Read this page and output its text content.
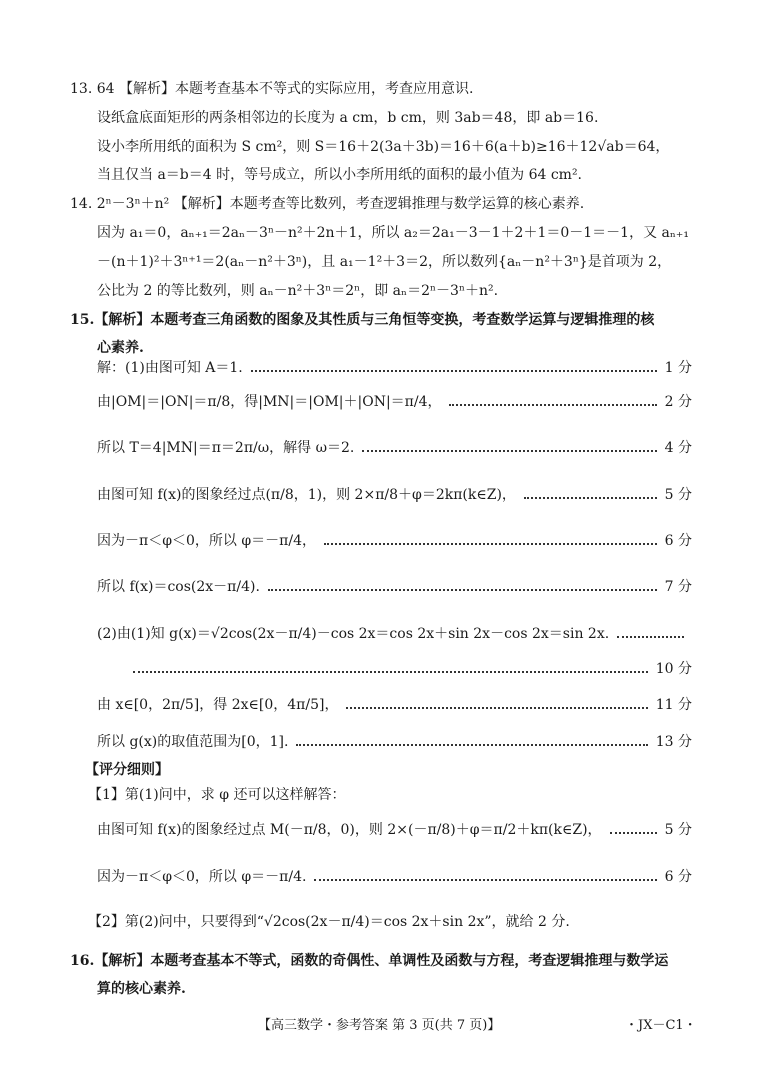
13. 64 【解析】本题考查基本不等式的实际应用，考查应用意识.
设纸盒底面矩形的两条相邻边的长度为 a cm，b cm，则 3ab＝48，即 ab＝16.
设小李所用纸的面积为 S cm²，则 S＝16＋2(3a＋3b)＝16＋6(a＋b)≥16＋12√ab＝64，
当且仅当 a＝b＝4 时，等号成立，所以小李所用纸的面积的最小值为 64 cm².
14. 2ⁿ－3ⁿ＋n² 【解析】本题考查等比数列，考查逻辑推理与数学运算的核心素养.
因为 a₁＝0，aₙ₊₁＝2aₙ－3ⁿ－n²＋2n＋1，所以 a₂＝2a₁－3－1＋2＋1＝0－1＝－1，又 aₙ₊₁
－(n＋1)²＋3ⁿ⁺¹＝2(aₙ－n²＋3ⁿ)，且 a₁－1²＋3＝2，所以数列{aₙ－n²＋3ⁿ}是首项为 2，
公比为 2 的等比数列，则 aₙ－n²＋3ⁿ＝2ⁿ，即 aₙ＝2ⁿ－3ⁿ＋n².
15.【解析】本题考查三角函数的图象及其性质与三角恒等变换，考查数学运算与逻辑推理的核
心素养.
解：(1)由图可知 A＝1.	1 分
由|OM|＝|ON|＝π/8，得|MN|＝|OM|＋|ON|＝π/4，	2 分
所以 T＝4|MN|＝π＝2π/ω，解得 ω＝2.	4 分
由图可知 f(x)的图象经过点(π/8，1)，则 2×π/8＋φ＝2kπ(k∈Z)，	5 分
因为－π＜φ＜0，所以 φ＝－π/4，	6 分
所以 f(x)＝cos(2x－π/4).	7 分
(2)由(1)知 g(x)＝√2cos(2x－π/4)－cos 2x＝cos 2x＋sin 2x－cos 2x＝sin 2x.
10 分
由 x∈[0，2π/5]，得 2x∈[0，4π/5]，	11 分
所以 g(x)的取值范围为[0，1].	13 分
【评分细则】
【1】第(1)问中，求 φ 还可以这样解答：
由图可知 f(x)的图象经过点 M(－π/8，0)，则 2×(－π/8)＋φ＝π/2＋kπ(k∈Z)，	5 分
因为－π＜φ＜0，所以 φ＝－π/4.	6 分
【2】第(2)问中，只要得到“√2cos(2x－π/4)＝cos 2x＋sin 2x”，就给 2 分.
16.【解析】本题考查基本不等式，函数的奇偶性、单调性及函数与方程，考查逻辑推理与数学运
算的核心素养.
【高三数学・参考答案 第 3 页(共 7 页)】	・JX－C1・
